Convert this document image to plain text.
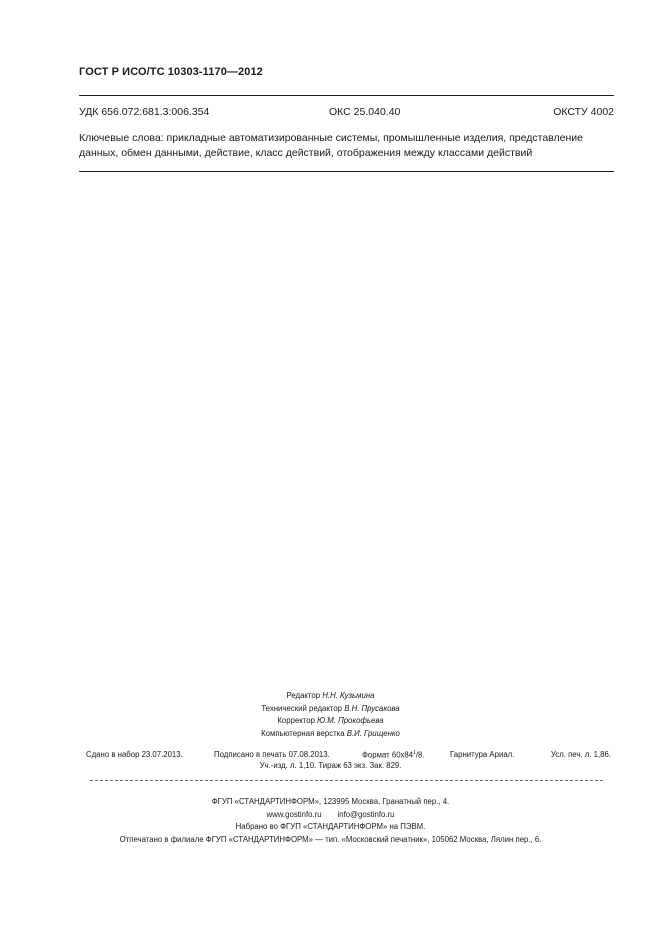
ГОСТ Р ИСО/ТС 10303-1170—2012
УДК 656.072:681.3:006.354	ОКС 25.040.40	ОКСТУ 4002
Ключевые слова: прикладные автоматизированные системы, промышленные изделия, представление
данных, обмен данными, действие, класс действий, отображения между классами действий
Редактор Н.Н. Кузьмина
Технический редактор В.Н. Прусакова
Корректор Ю.М. Прокофьева
Компьютерная верстка В.И. Грищенко
Сдано в набор 23.07.2013.	Подписано в печать 07.08.2013.	Формат $60х84^1/8$.	Гарнитура Ариал.	Усл. печ. л. 1,86.
Уч.-изд. л. 1,10. Тираж 63 экз. Зак. 829.
ФГУП «СТАНДАРТИНФОРМ», 123995 Москва, Гранатный пер., 4.
www.gostinfo.ru info@gostinfo.ru
Набрано во ФГУП «СТАНДАРТИНФОРМ» на ПЭВМ.
Отпечатано в филиале ФГУП «СТАНДАРТИНФОРМ» — тип. «Московский печатник», 105062 Москва, Лялин пер., 6.
